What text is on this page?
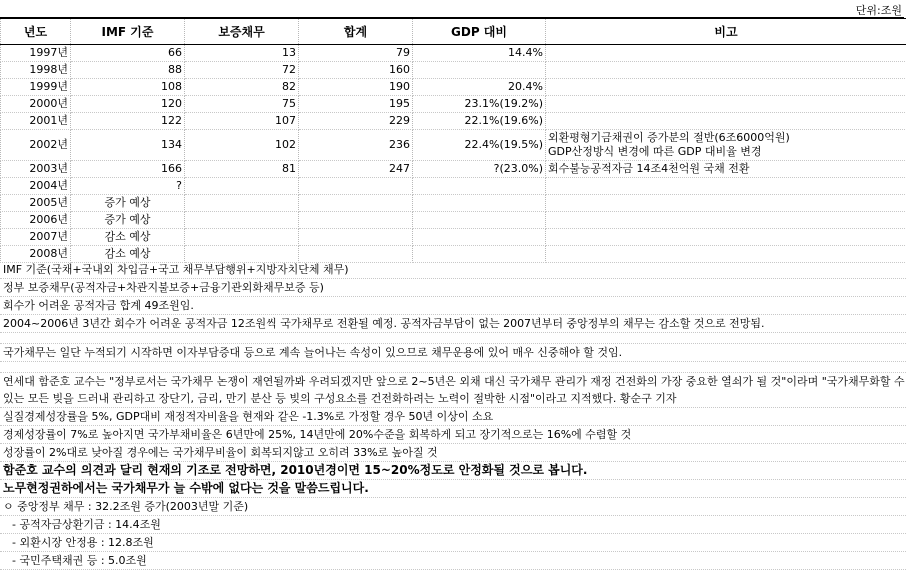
단위:조원
년도	IMF 기준	보증채무	합계	GDP 대비	비고
1997년	66	13	79	14.4%	
1998년	88	72	160		
1999년	108	82	190	20.4%	
2000년	120	75	195	23.1%(19.2%)	
2001년	122	107	229	22.1%(19.6%)	
2002년	134	102	236	22.4%(19.5%)	외환평형기금채권이 증가분의 절반(6조6000억원)
GDP산정방식 변경에 따른 GDP 대비율 변경
2003년	166	81	247	?(23.0%)	회수불능공적자금 14조4천억원 국채 전환
2004년	?				
2005년	증가 예상				
2006년	증가 예상				
2007년	감소 예상				
2008년	감소 예상				
IMF 기준(국채+국내외 차입금+국고 채무부담행위+지방자치단체 채무)
정부 보증채무(공적자금+차관지불보증+금융기관외화채무보증 등)
회수가 어려운 공적자금 합계 49조원임.
2004~2006년 3년간 회수가 어려운 공적자금 12조원씩 국가채무로 전환될 예정. 공적자금부담이 없는 2007년부터 중앙정부의 채무는 감소할 것으로 전망됨.
국가채무는 일단 누적되기 시작하면 이자부담증대 등으로 계속 늘어나는 속성이 있으므로 채무운용에 있어 매우 신중해야 할 것임.
연세대 함준호 교수는 "정부로서는 국가채무 논쟁이 재연될까봐 우려되겠지만 앞으로 2~5년은 외채 대신 국가채무 관리가 재정 건전화의 가장 중요한 열쇠가 될 것"이라며 "국가채무화할 수 있는 모든 빚을 드러내 관리하고 장단기, 금리, 만기 분산 등 빚의 구성요소를 건전화하려는 노력이 절박한 시점"이라고 지적했다. 황순구 기자
실질경제성장률을 5%, GDP대비 재정적자비율을 현재와 같은 -1.3%로 가정할 경우 50년 이상이 소요
경제성장률이 7%로 높아지면 국가부채비율은 6년만에 25%, 14년만에 20%수준을 회복하게 되고 장기적으로는 16%에 수렴할 것
성장률이 2%대로 낮아질 경우에는 국가채무비율이 회복되지않고 오히려 33%로 높아질 것
함준호 교수의 의견과 달리 현재의 기조로 전망하면, 2010년경이면 15~20%정도로 안정화될 것으로 봅니다.
노무현정권하에서는 국가채무가 늘 수밖에 없다는 것을 말씀드립니다.
ㅇ 중앙정부 채무 : 32.2조원 증가(2003년말 기준)
- 공적자금상환기금 : 14.4조원
- 외환시장 안정용 : 12.8조원
- 국민주택채권 등 : 5.0조원
